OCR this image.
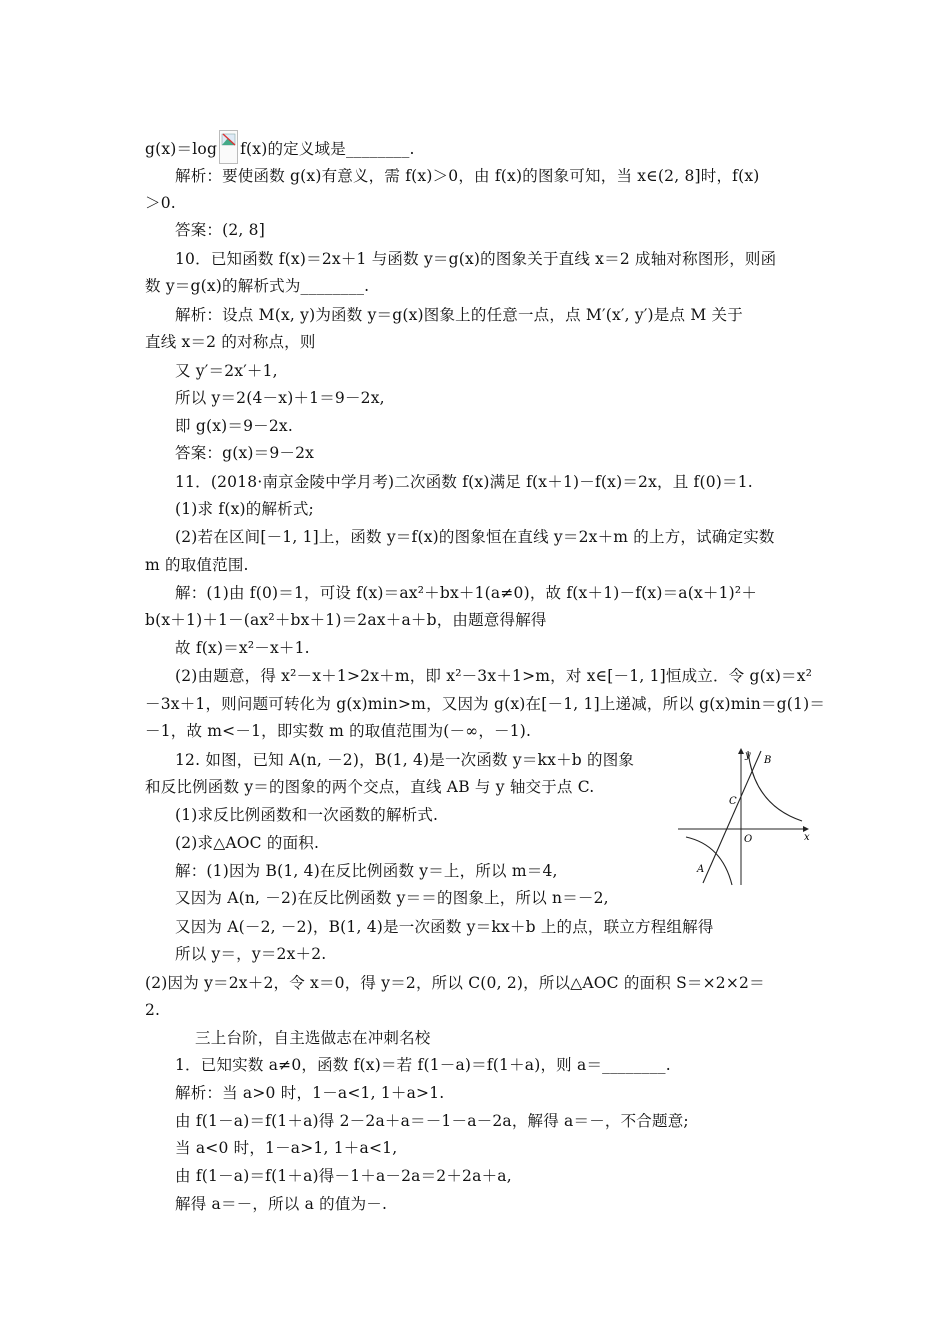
g(x)＝log f(x)的定义域是________.
解析：要使函数 g(x)有意义，需 f(x)＞0，由 f(x)的图象可知，当 x∈(2, 8]时，f(x)
＞0.
答案：(2, 8]
10．已知函数 f(x)＝2x＋1 与函数 y＝g(x)的图象关于直线 x＝2 成轴对称图形，则函
数 y＝g(x)的解析式为________.
解析：设点 M(x, y)为函数 y＝g(x)图象上的任意一点，点 M′(x′, y′)是点 M 关于
直线 x＝2 的对称点，则
又 y′＝2x′＋1,
所以 y＝2(4－x)＋1＝9－2x,
即 g(x)＝9－2x.
答案：g(x)＝9－2x
11．(2018·南京金陵中学月考)二次函数 f(x)满足 f(x＋1)－f(x)＝2x，且 f(0)＝1.
(1)求 f(x)的解析式;
(2)若在区间[－1, 1]上，函数 y＝f(x)的图象恒在直线 y＝2x＋m 的上方，试确定实数
m 的取值范围.
解：(1)由 f(0)＝1，可设 f(x)＝ax²＋bx＋1(a≠0)，故 f(x＋1)－f(x)＝a(x＋1)²＋
b(x＋1)＋1－(ax²＋bx＋1)＝2ax＋a＋b，由题意得解得
故 f(x)＝x²－x＋1.
(2)由题意，得 x²－x＋1>2x＋m，即 x²－3x＋1>m，对 x∈[－1, 1]恒成立．令 g(x)＝x²
－3x＋1，则问题可转化为 g(x)min>m，又因为 g(x)在[－1, 1]上递减，所以 g(x)min＝g(1)＝
－1，故 m<－1，即实数 m 的取值范围为(－∞，－1).
12. 如图，已知 A(n, －2)，B(1, 4)是一次函数 y＝kx＋b 的图象
和反比例函数 y＝的图象的两个交点，直线 AB 与 y 轴交于点 C.
(1)求反比例函数和一次函数的解析式.
(2)求△AOC 的面积.
解：(1)因为 B(1, 4)在反比例函数 y＝上，所以 m＝4,
又因为 A(n, －2)在反比例函数 y＝＝的图象上，所以 n＝－2,
又因为 A(－2, －2)，B(1, 4)是一次函数 y＝kx＋b 上的点，联立方程组解得
所以 y＝，y＝2x＋2.
(2)因为 y＝2x＋2，令 x＝0，得 y＝2，所以 C(0, 2)，所以△AOC 的面积 S＝×2×2＝
2.
三上台阶，自主选做志在冲刺名校
1．已知实数 a≠0，函数 f(x)＝若 f(1－a)＝f(1＋a)，则 a＝________.
解析：当 a>0 时，1－a<1, 1＋a>1.
由 f(1－a)＝f(1＋a)得 2－2a＋a＝－1－a－2a，解得 a＝－，不合题意;
当 a<0 时，1－a>1, 1＋a<1,
由 f(1－a)＝f(1＋a)得－1＋a－2a＝2＋2a＋a,
解得 a＝－，所以 a 的值为－.
y
x
O
B
C
A
